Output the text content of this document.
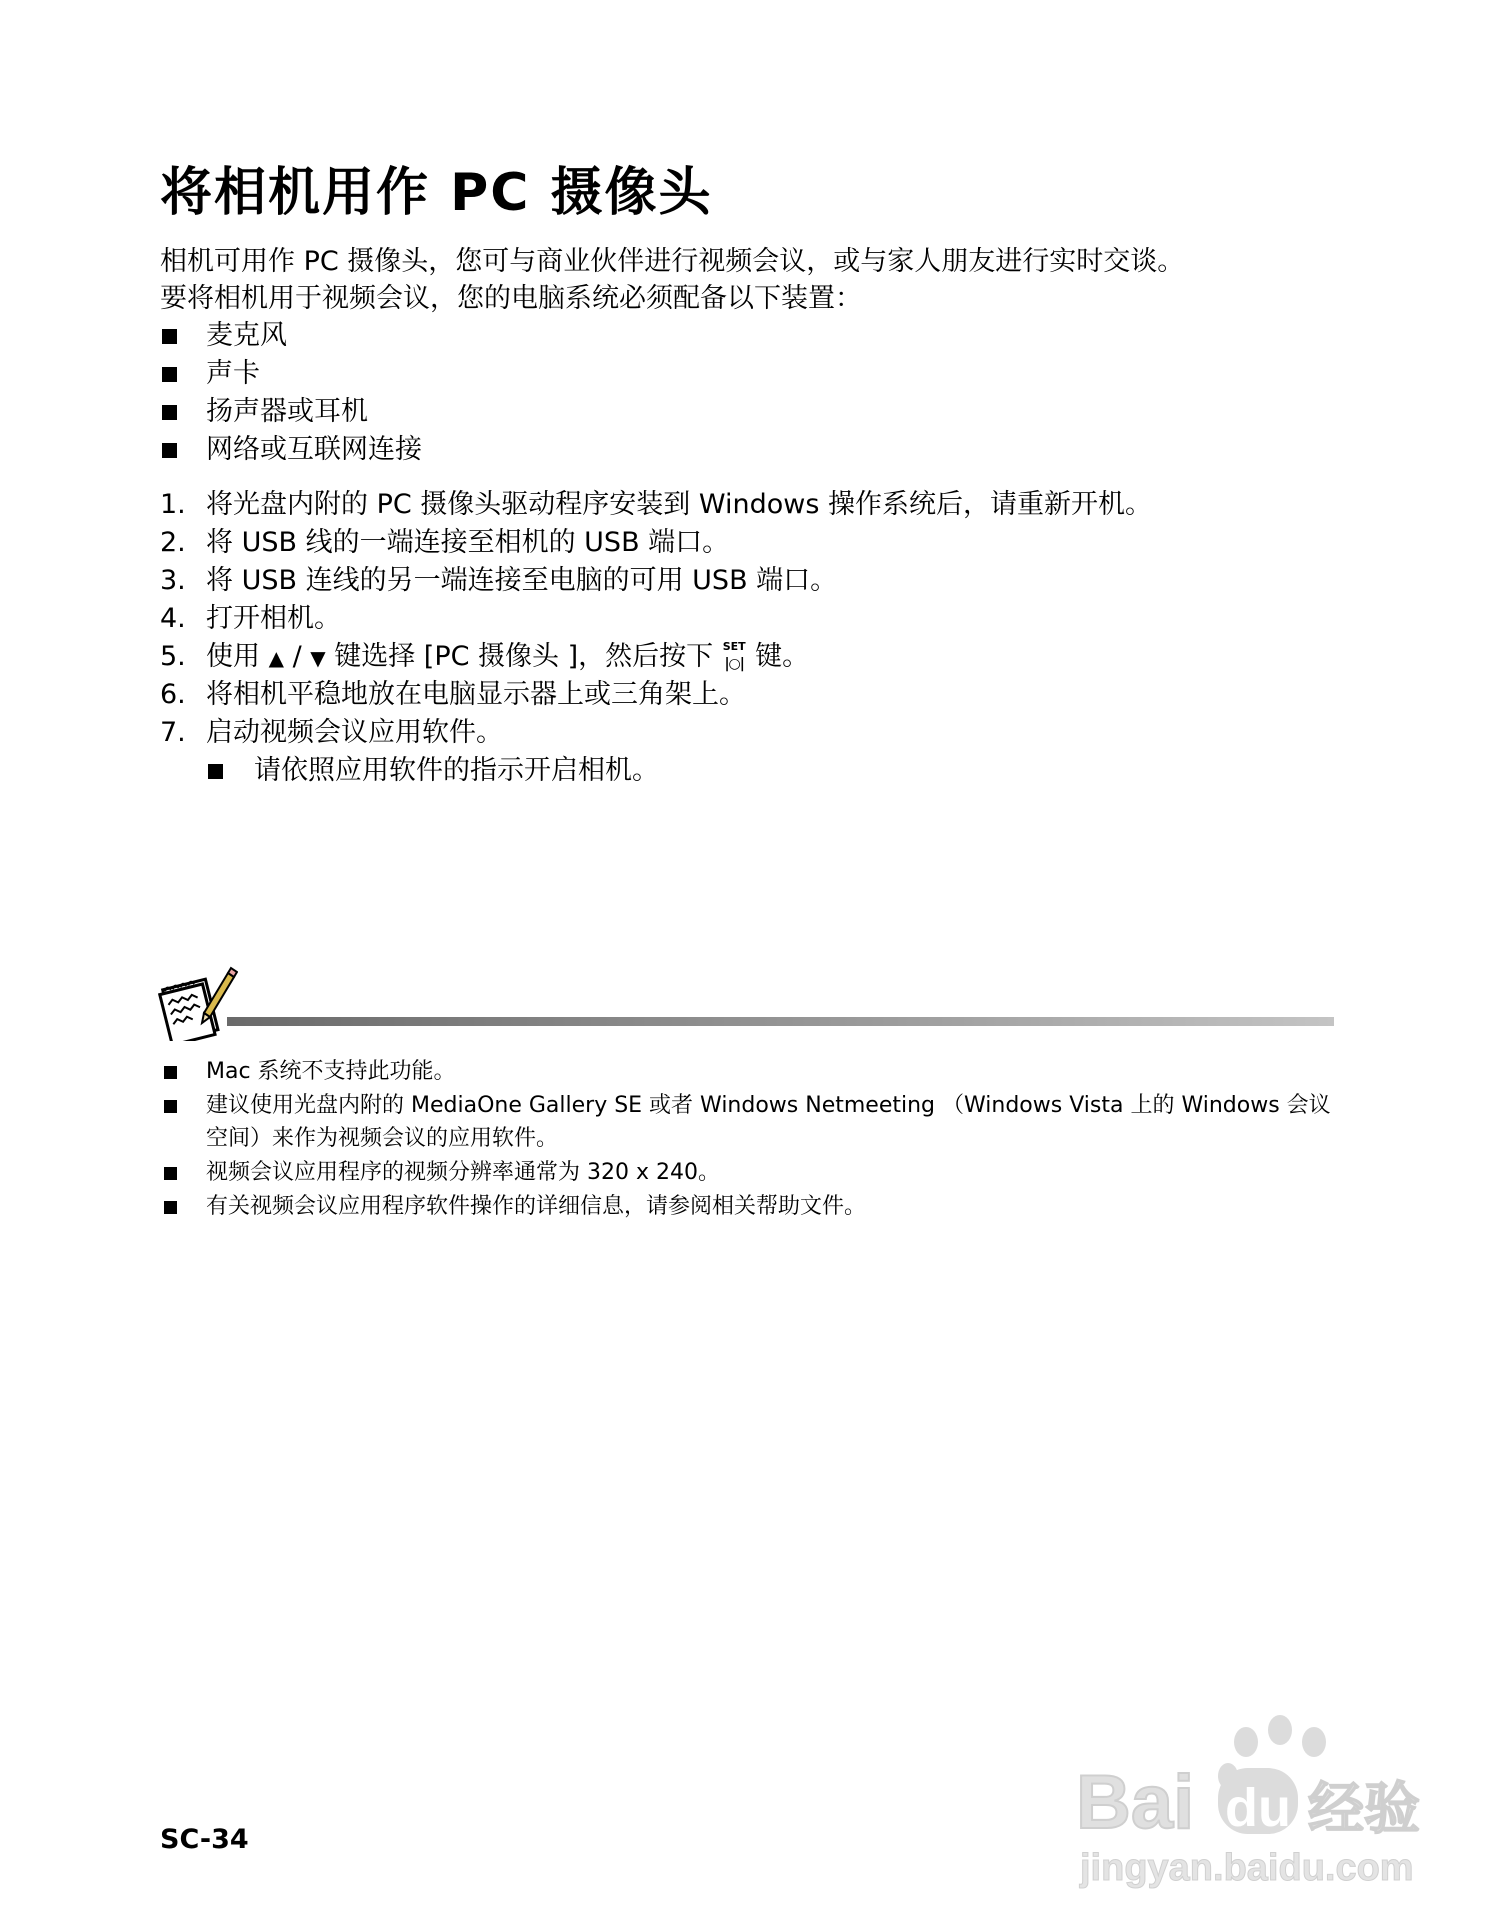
将相机用作 PC 摄像头
相机可用作 PC 摄像头，您可与商业伙伴进行视频会议，或与家人朋友进行实时交谈。
要将相机用于视频会议，您的电脑系统必须配备以下装置：
麦克风
声卡
扬声器或耳机
网络或互联网连接
1. 将光盘内附的 PC 摄像头驱动程序安装到 Windows 操作系统后，请重新开机。
2. 将 USB 线的一端连接至相机的 USB 端口。
3. 将 USB 连线的另一端连接至电脑的可用 USB 端口。
4. 打开相机。
5. 使用 ▲ / ▼ 键选择 [PC 摄像头 ]，然后按下 SET
|○| 键。
6. 将相机平稳地放在电脑显示器上或三角架上。
7. 启动视频会议应用软件。
请依照应用软件的指示开启相机。
Mac 系统不支持此功能。
建议使用光盘内附的 MediaOne Gallery SE 或者 Windows Netmeeting （Windows Vista 上的 Windows 会议空间）来作为视频会议的应用软件。
视频会议应用程序的视频分辨率通常为 320 x 240。
有关视频会议应用程序软件操作的详细信息，请参阅相关帮助文件。
SC-34	Bai du 经验
jingyan.baidu.com
